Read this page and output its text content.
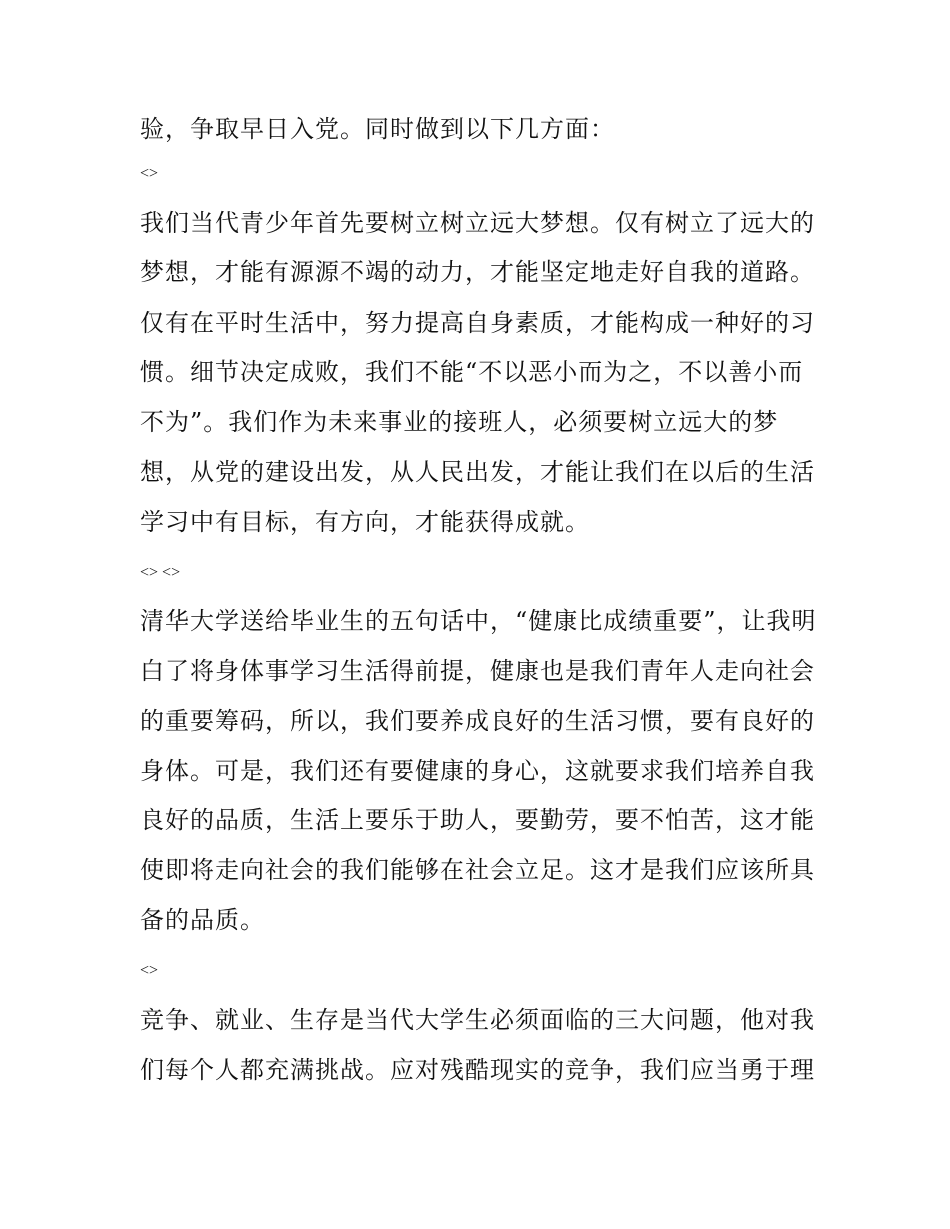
验，争取早日入党。同时做到以下几方面：
<>
我们当代青少年首先要树立树立远大梦想。仅有树立了远大的
梦想，才能有源源不竭的动力，才能坚定地走好自我的道路。
仅有在平时生活中，努力提高自身素质，才能构成一种好的习
惯。细节决定成败，我们不能“不以恶小而为之，不以善小而
不为”。我们作为未来事业的接班人，必须要树立远大的梦
想，从党的建设出发，从人民出发，才能让我们在以后的生活
学习中有目标，有方向，才能获得成就。
<> <>
清华大学送给毕业生的五句话中，“健康比成绩重要”，让我明
白了将身体事学习生活得前提，健康也是我们青年人走向社会
的重要筹码，所以，我们要养成良好的生活习惯，要有良好的
身体。可是，我们还有要健康的身心，这就要求我们培养自我
良好的品质，生活上要乐于助人，要勤劳，要不怕苦，这才能
使即将走向社会的我们能够在社会立足。这才是我们应该所具
备的品质。
<>
竞争、就业、生存是当代大学生必须面临的三大问题，他对我
们每个人都充满挑战。应对残酷现实的竞争，我们应当勇于理
